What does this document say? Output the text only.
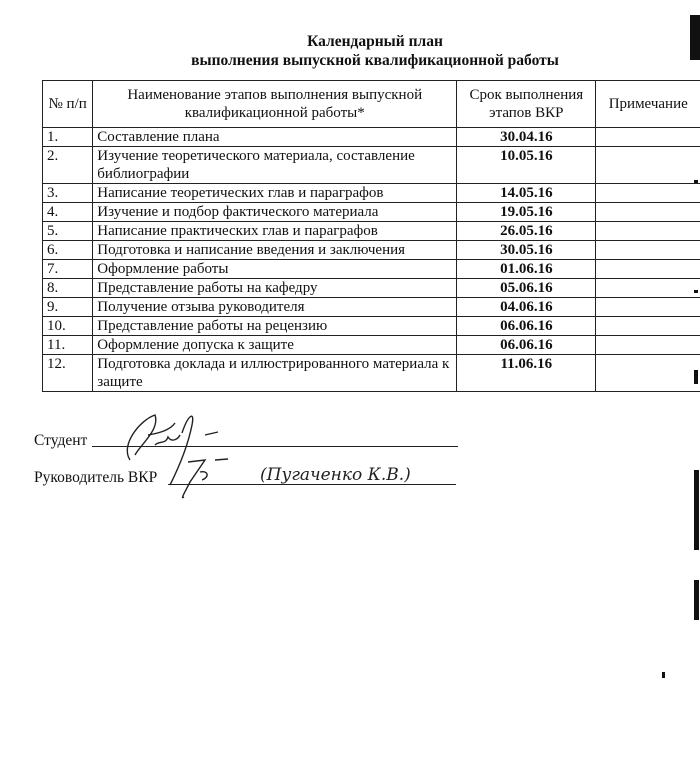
Календарный план
выполнения выпускной квалификационной работы
№ п/п	Наименование этапов выполнения выпускной квалификационной работы*	Срок выполнения этапов ВКР	Примечание
1.	Составление плана	30.04.16	
2.	Изучение теоретического материала, составление библиографии	10.05.16	
3.	Написание теоретических глав и параграфов	14.05.16	
4.	Изучение и подбор фактического материала	19.05.16	
5.	Написание практических глав и параграфов	26.05.16	
6.	Подготовка и написание введения и заключения	30.05.16	
7.	Оформление работы	01.06.16	
8.	Представление работы на кафедру	05.06.16	
9.	Получение отзыва руководителя	04.06.16	
10.	Представление работы на рецензию	06.06.16	
11.	Оформление допуска к защите	06.06.16	
12.	Подготовка доклада и иллюстрированного материала к защите	11.06.16	
Студент
Руководитель ВКР	(Пугаченко К.В.)
